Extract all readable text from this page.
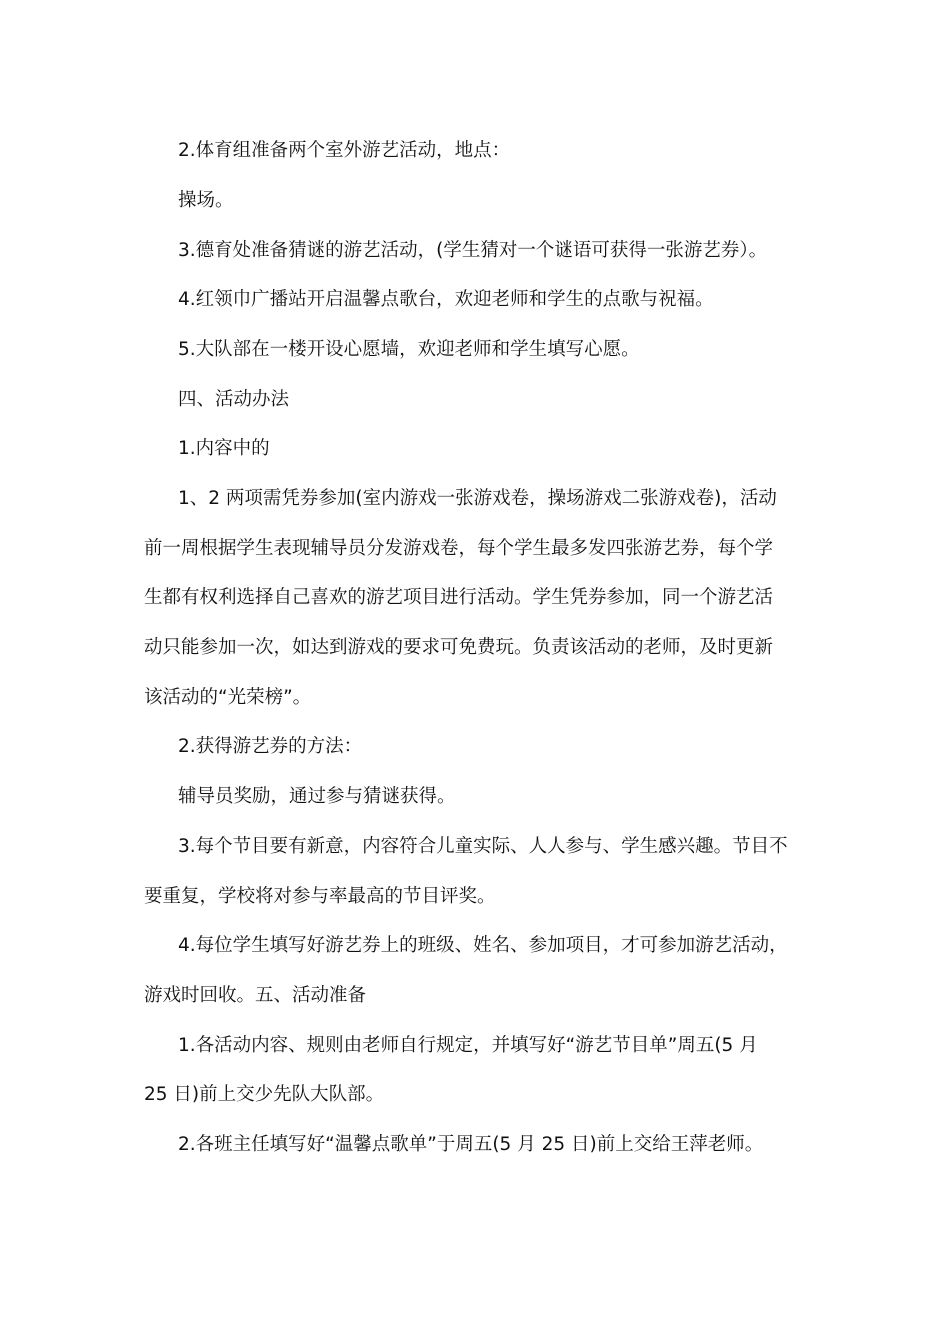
2.体育组准备两个室外游艺活动，地点：
操场。
3.德育处准备猜谜的游艺活动，(学生猜对一个谜语可获得一张游艺券）。
4.红领巾广播站开启温馨点歌台，欢迎老师和学生的点歌与祝福。
5.大队部在一楼开设心愿墙，欢迎老师和学生填写心愿。
四、活动办法
1.内容中的
1、2 两项需凭券参加(室内游戏一张游戏卷，操场游戏二张游戏卷)，活动
前一周根据学生表现辅导员分发游戏卷，每个学生最多发四张游艺券，每个学
生都有权利选择自己喜欢的游艺项目进行活动。学生凭券参加，同一个游艺活
动只能参加一次，如达到游戏的要求可免费玩。负责该活动的老师，及时更新
该活动的“光荣榜”。
2.获得游艺券的方法：
辅导员奖励，通过参与猜谜获得。
3.每个节目要有新意，内容符合儿童实际、人人参与、学生感兴趣。节目不
要重复，学校将对参与率最高的节目评奖。
4.每位学生填写好游艺券上的班级、姓名、参加项目，才可参加游艺活动，
游戏时回收。五、活动准备
1.各活动内容、规则由老师自行规定，并填写好“游艺节目单”周五(5 月
25 日)前上交少先队大队部。
2.各班主任填写好“温馨点歌单”于周五(5 月 25 日)前上交给王萍老师。
